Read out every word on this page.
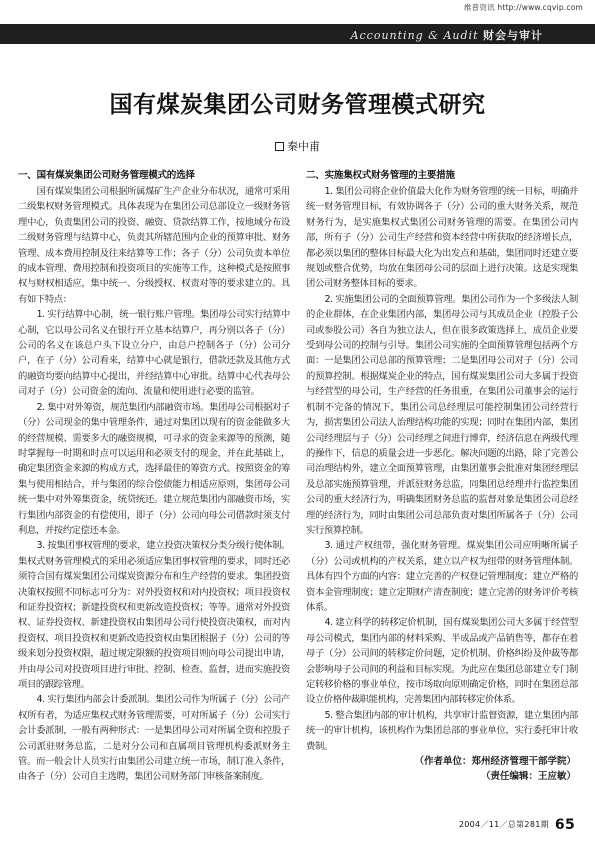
维普资讯 http://www.cqvip.com
Accounting & Audit 财会与审计
国有煤炭集团公司财务管理模式研究
秦中甫
一、国有煤炭集团公司财务管理模式的选择

国有煤炭集团公司根据所属煤矿生产企业分布状况，通常可采用二级集权财务管理模式。具体表现为在集团公司总部设立一级财务管理中心，负责集团公司的投资、融资、贷款结算工作，按地域分布设二级财务管理与结算中心，负责其所辖范围内企业的预算审批、财务管理、成本费用控制及往来结算等工作；各子（分）公司负责本单位的成本管理、费用控制和投资项目的实施等工作，这种模式是按照事权与财权相适应，集中统一、分级授权、权责对等的要求建立的。具有如下特点：

1. 实行结算中心制，统一银行账户管理。集团母公司实行结算中心制，它以母公司名义在银行开立基本结算户，再分别以各子（分）公司的名义在该总户头下设立分户，由总户控制各子（分）公司分户，在子（分）公司看来，结算中心就是银行，借款还款及其他方式的融资均要向结算中心提出，并经结算中心审批。结算中心代表母公司对子（分）公司资金的流向、流量和使用进行必要的监管。

2. 集中对外筹资，规范集团内部融资市场。集团母公司根据对子（分）公司现金的集中管理条件，通过对集团以现有的资金能做多大的经营规模、需要多大的融资规模，可寻求的资金来源等的预测，随时掌握每一时期和时点可以运用和必须支付的现金，并在此基础上，确定集团资金来源的构成方式，选择最佳的筹资方式。按照资金的筹集与使用相结合，并与集团的综合偿债能力相适应原则，集团母公司统一集中对外筹集资金，统贷统还。建立规范集团内部融资市场，实行集团内部资金的有偿使用，即子（分）公司向母公司借款时须支付利息，并按约定偿还本金。

3. 按集团事权管理的要求，建立投资决策权分类分级行使体制。集权式财务管理模式的采用必须适应集团事权管理的要求，同时还必须符合国有煤炭集团公司煤炭资源分布和生产经营的要求。集团投资决策权按照不同标志可分为：对外投资权和对内投资权；项目投资权和证券投资权；新建投资权和更新改造投资权；等等。通常对外投资权、证券投资权、新建投资权由集团母公司行使投资决策权，而对内投资权、项目投资权和更新改造投资权由集团根据子（分）公司的等级来划分投资权限，超过规定限额的投资项目则向母公司提出申请，并由母公司对投资项目进行审批、控制、检查、监督，进而实施投资项目的跟踪管理。

4. 实行集团内部会计委派制。集团公司作为所属子（分）公司产权所有者，为适应集权式财务管理需要，可对所属子（分）公司实行会计委派制，一般有两种形式：一是集团母公司对所属全资和控股子公司派驻财务总监，二是对分公司和直属项目管理机构委派财务主管。而一般会计人员实行由集团公司建立统一市场，制订准入条件，由各子（分）公司自主选聘，集团公司财务部门审核备案制度。

二、实施集权式财务管理的主要措施

1. 集团公司将企业价值最大化作为财务管理的统一目标，明确并统一财务管理目标，有效协调各子（分）公司的重大财务关系，规范财务行为，是实施集权式集团公司财务管理的需要。在集团公司内部，所有子（分）公司生产经营和资本经营中所获取的经济增长点，都必须以集团的整体目标最大化为出发点和基础，集团同时还建立要规划或整合优势，均放在集团母公司的层面上进行决策。这是实现集团公司财务整体目标的要求。

2. 实施集团公司的全面预算管理。集团公司作为一个多级法人制的企业群体，在企业集团内部，集团母公司与其成员企业（控股子公司或参股公司）各自为独立法人，但在很多政策选择上，成员企业要受到母公司的控制与引导。集团公司实施的全面预算管理包括两个方面：一是集团公司总部的预算管理；二是集团母公司对子（分）公司的预算控制。根据煤炭企业的特点，国有煤炭集团公司大多属于投资与经营型的母公司，生产经营的任务很重，在集团公司董事会的运行机制不完备的情况下，集团公司总经理层可能控制集团公司经营行为，损害集团公司法人治理结构功能的实现；同时在集团内部，集团公司经理层与子（分）公司经理之间进行博弈，经济信息在两级代理的操作下，信息的质量会进一步恶化。解决问题的出路，除了完善公司治理结构外，建立全面预算管理，由集团董事会批准对集团经理层及总部实施预算管理，并派驻财务总监，同集团总经理并行监控集团公司的重大经济行为，明确集团财务总监的监督对象是集团公司总经理的经济行为，同时由集团公司总部负责对集团所属各子（分）公司实行预算控制。

3. 通过产权纽带，强化财务管理。煤炭集团公司应明晰所属子（分）公司或机构的产权关系，建立以产权为纽带的财务管理体制。具体有四个方面的内容：建立完善的产权登记管理制度；建立严格的资本金管理制度；建立定期财产清查制度；建立完善的财务评价考核体系。

4. 建立科学的转移定价机制，国有煤炭集团公司大多属于经营型母公司模式，集团内部的材料采购、半成品或产品销售等，都存在着母子（分）公司间的转移定价问题，定价机制、价格纠纷及仲裁等都会影响母子公司间的利益和目标实现。为此应在集团总部建立专门制定转移价格的事业单位，按市场取向原则确定价格，同时在集团总部设立价格仲裁职能机构，完善集团内部转移定价体系。

5. 整合集团内部的审计机构，共享审计监督资源，建立集团内部统一的审计机构，该机构作为集团总部的事业单位，实行委托审计收费制。

（作者单位：郑州经济管理干部学院）
（责任编辑：王应敏）
2004／11／总第281期 65
